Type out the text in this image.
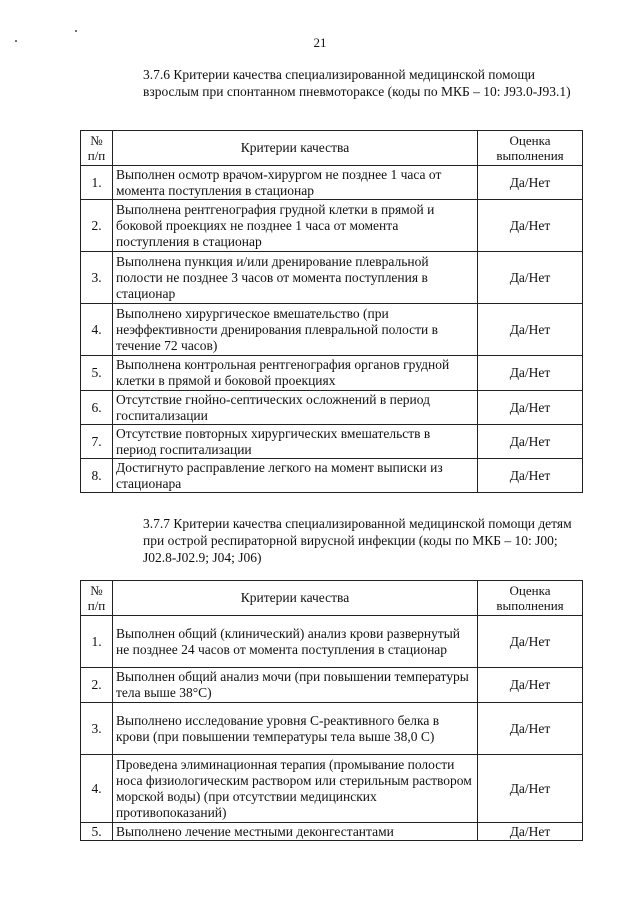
21
3.7.6 Критерии качества специализированной медицинской помощи взрослым при спонтанном пневмотораксе (коды по МКБ – 10: J93.0-J93.1)
№ п/п	Критерии качества	Оценка выполнения
1.	Выполнен осмотр врачом-хирургом не позднее 1 часа от момента поступления в стационар	Да/Нет
2.	Выполнена рентгенография грудной клетки в прямой и боковой проекциях не позднее 1 часа от момента поступления в стационар	Да/Нет
3.	Выполнена пункция и/или дренирование плевральной полости не позднее 3 часов от момента поступления в стационар	Да/Нет
4.	Выполнено хирургическое вмешательство (при неэффективности дренирования плевральной полости в течение 72 часов)	Да/Нет
5.	Выполнена контрольная рентгенография органов грудной клетки в прямой и боковой проекциях	Да/Нет
6.	Отсутствие гнойно-септических осложнений в период госпитализации	Да/Нет
7.	Отсутствие повторных хирургических вмешательств в период госпитализации	Да/Нет
8.	Достигнуто расправление легкого на момент выписки из стационара	Да/Нет
3.7.7 Критерии качества специализированной медицинской помощи детям при острой респираторной вирусной инфекции (коды по МКБ – 10: J00; J02.8-J02.9; J04; J06)
№ п/п	Критерии качества	Оценка выполнения
1.	Выполнен общий (клинический) анализ крови развернутый не позднее 24 часов от момента поступления в стационар	Да/Нет
2.	Выполнен общий анализ мочи (при повышении температуры тела выше 38°С)	Да/Нет
3.	Выполнено исследование уровня С-реактивного белка в крови (при повышении температуры тела выше 38,0 С)	Да/Нет
4.	Проведена элиминационная терапия (промывание полости носа физиологическим раствором или стерильным раствором морской воды) (при отсутствии медицинских противопоказаний)	Да/Нет
5.	Выполнено лечение местными деконгестантами	Да/Нет
